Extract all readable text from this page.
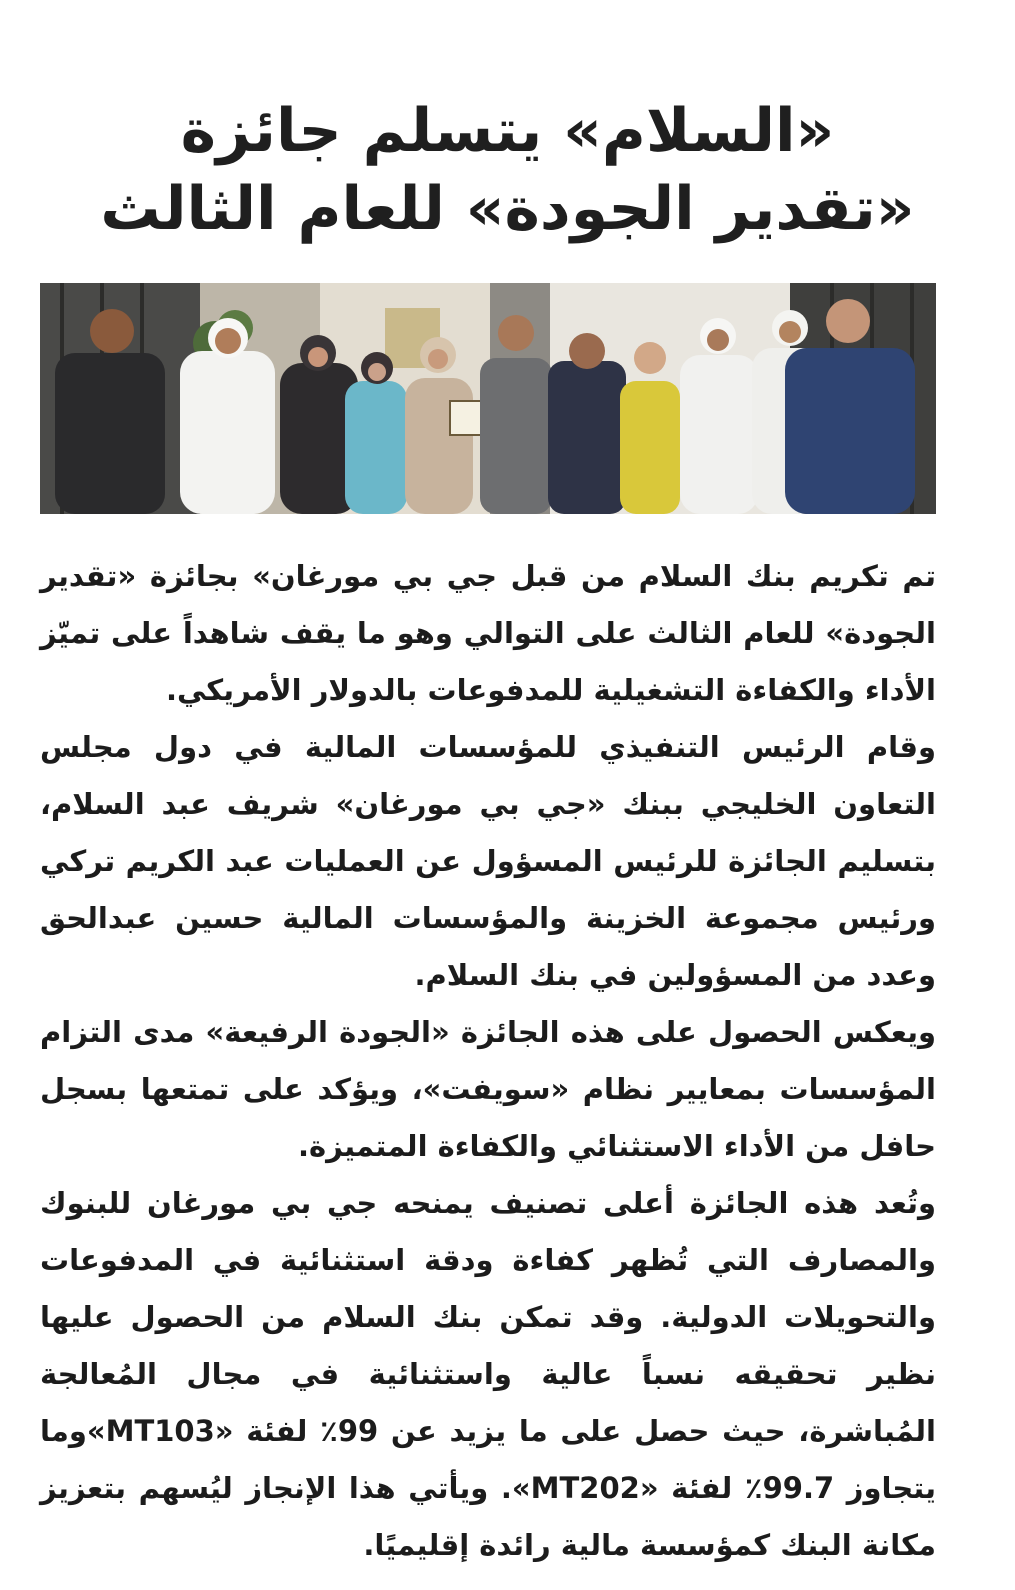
«السلام» يتسلم جائزة
«تقدير الجودة» للعام الثالث

تم تكريم بنك السلام من قبل جي بي مورغان» بجائزة «تقدير الجودة» للعام الثالث على التوالي وهو ما يقف شاهداً على تميّز الأداء والكفاءة التشغيلية للمدفوعات بالدولار الأمريكي.

وقام الرئيس التنفيذي للمؤسسات المالية في دول مجلس التعاون الخليجي ببنك «جي بي مورغان» شريف عبد السلام، بتسليم الجائزة للرئيس المسؤول عن العمليات عبد الكريم تركي ورئيس مجموعة الخزينة والمؤسسات المالية حسين عبدالحق وعدد من المسؤولين في بنك السلام.

ويعكس الحصول على هذه الجائزة «الجودة الرفيعة» مدى التزام المؤسسات بمعايير نظام «سويفت»، ويؤكد على تمتعها بسجل حافل من الأداء الاستثنائي والكفاءة المتميزة.

وتُعد هذه الجائزة أعلى تصنيف يمنحه جي بي مورغان للبنوك والمصارف التي تُظهر كفاءة ودقة استثنائية في المدفوعات والتحويلات الدولية. وقد تمكن بنك السلام من الحصول عليها نظير تحقيقه نسباً عالية واستثنائية في مجال المُعالجة المُباشرة، حيث حصل على ما يزيد عن 99٪ لفئة «MT103»وما يتجاوز 99.7٪ لفئة «MT202». ويأتي هذا الإنجاز ليُسهم بتعزيز مكانة البنك كمؤسسة مالية رائدة إقليميًا.
